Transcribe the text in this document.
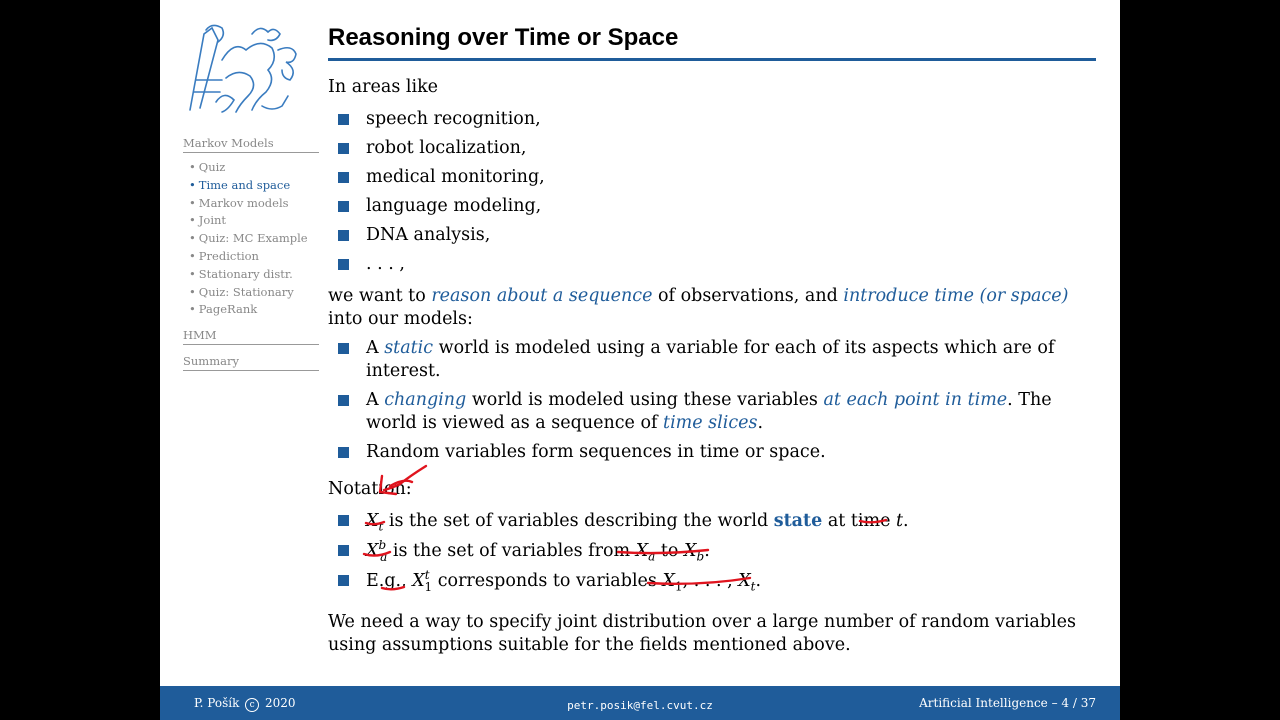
Markov Models
• Quiz
• Time and space
• Markov models
• Joint
• Quiz: MC Example
• Prediction
• Stationary distr.
• Quiz: Stationary
• PageRank
HMM
Summary
Reasoning over Time or Space

In areas like

speech recognition,
robot localization,
medical monitoring,
language modeling,
DNA analysis,
. . . ,

we want to reason about a sequence of observations, and introduce time (or space) into our models:

A static world is modeled using a variable for each of its aspects which are of interest.
A changing world is modeled using these variables at each point in time. The world is viewed as a sequence of time slices.
Random variables form sequences in time or space.

Notation:

$X_t$ is the set of variables describing the world state at time t.
$X^b_a$ is the set of variables from $X_a$ to $X_b$.
E.g., $X^t_1$ corresponds to variables $X_1$, . . . , $X_t$.

We need a way to specify joint distribution over a large number of random variables using assumptions suitable for the fields mentioned above.

P. Pošík c 2020	petr.posik@fel.cvut.cz	Artificial Intelligence – 4 / 37
